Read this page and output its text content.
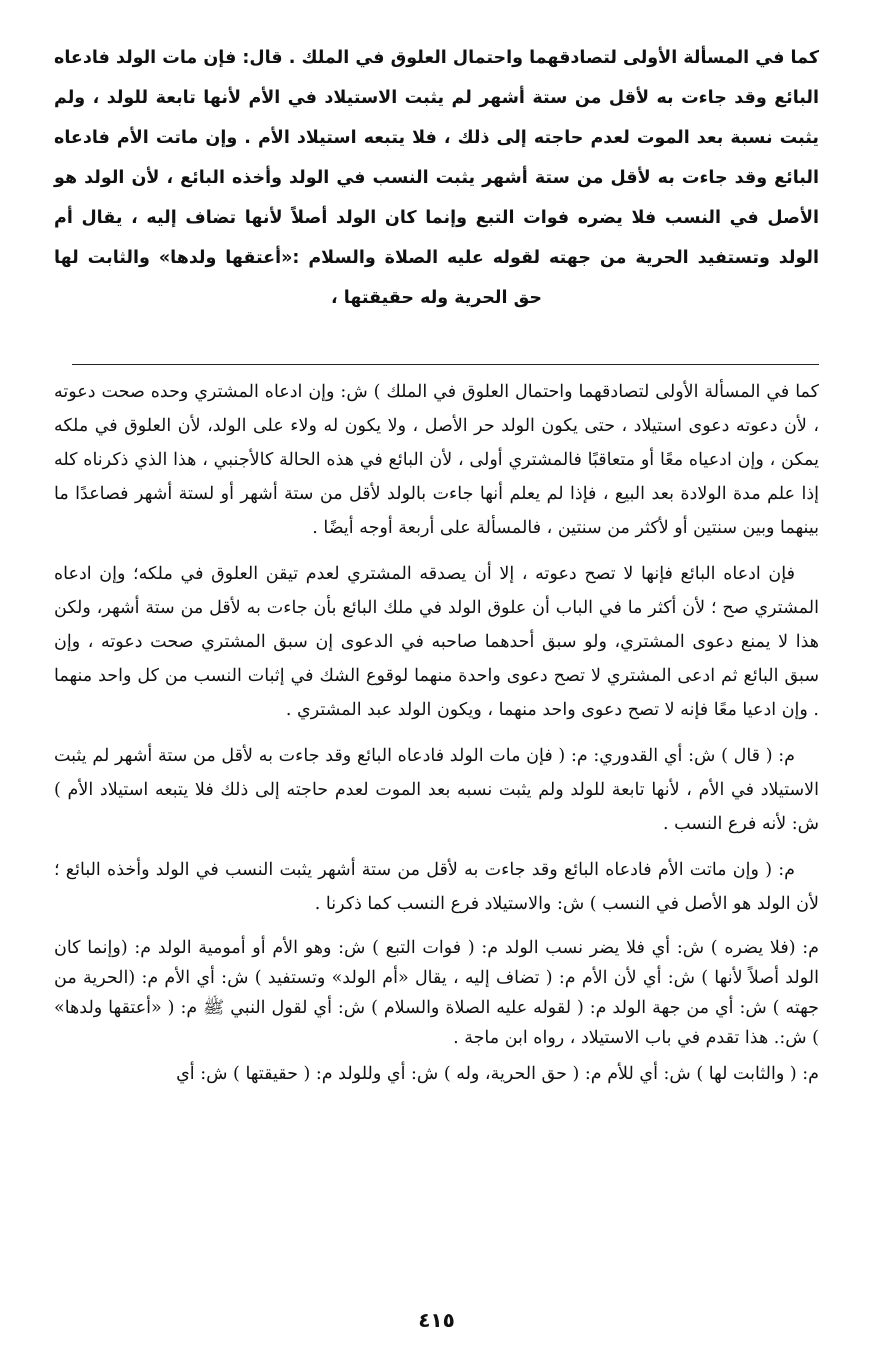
كما في المسألة الأولى لتصادقهما واحتمال العلوق في الملك . قال: فإن مات الولد فادعاه البائع وقد جاءت به لأقل من ستة أشهر لم يثبت الاستيلاد في الأم لأنها تابعة للولد ، ولم يثبت نسبة بعد الموت لعدم حاجته إلى ذلك ، فلا يتبعه استيلاد الأم . وإن ماتت الأم فادعاه البائع وقد جاءت به لأقل من ستة أشهر يثبت النسب في الولد وأخذه البائع ، لأن الولد هو الأصل في النسب فلا يضره فوات التبع وإنما كان الولد أصلاً لأنها تضاف إليه ، يقال أم الولد وتستفيد الحرية من جهته لقوله عليه الصلاة والسلام :«أعتقها ولدها» والثابت لها حق الحرية وله حقيقتها ،

كما في المسألة الأولى لتصادقهما واحتمال العلوق في الملك ) ش: وإن ادعاه المشتري وحده صحت دعوته ، لأن دعوته دعوى استيلاد ، حتى يكون الولد حر الأصل ، ولا يكون له ولاء على الولد، لأن العلوق في ملكه يمكن ، وإن ادعياه معًا أو متعاقبًا فالمشتري أولى ، لأن البائع في هذه الحالة كالأجنبي ، هذا الذي ذكرناه كله إذا علم مدة الولادة بعد البيع ، فإذا لم يعلم أنها جاءت بالولد لأقل من ستة أشهر أو لستة أشهر فصاعدًا ما بينهما وبين سنتين أو لأكثر من سنتين ، فالمسألة على أربعة أوجه أيضًا .

فإن ادعاه البائع فإنها لا تصح دعوته ، إلا أن يصدقه المشتري لعدم تيقن العلوق في ملكه؛ وإن ادعاه المشتري صح ؛ لأن أكثر ما في الباب أن علوق الولد في ملك البائع بأن جاءت به لأقل من ستة أشهر، ولكن هذا لا يمنع دعوى المشتري، ولو سبق أحدهما صاحبه في الدعوى إن سبق المشتري صحت دعوته ، وإن سبق البائع ثم ادعى المشتري لا تصح دعوى واحدة منهما لوقوع الشك في إثبات النسب من كل واحد منهما . وإن ادعيا معًا فإنه لا تصح دعوى واحد منهما ، ويكون الولد عبد المشتري .

م: ( قال ) ش: أي القدوري: م: ( فإن مات الولد فادعاه البائع وقد جاءت به لأقل من ستة أشهر لم يثبت الاستيلاد في الأم ، لأنها تابعة للولد ولم يثبت نسبه بعد الموت لعدم حاجته إلى ذلك فلا يتبعه استيلاد الأم ) ش: لأنه فرع النسب .

م: ( وإن ماتت الأم فادعاه البائع وقد جاءت به لأقل من ستة أشهر يثبت النسب في الولد وأخذه البائع ؛ لأن الولد هو الأصل في النسب ) ش: والاستيلاد فرع النسب كما ذكرنا .

م: (فلا يضره ) ش: أي فلا يضر نسب الولد م: ( فوات التبع ) ش: وهو الأم أو أمومية الولد م: (وإنما كان الولد أصلاً لأنها ) ش: أي لأن الأم م: ( تضاف إليه ، يقال «أم الولد» وتستفيد ) ش: أي الأم م: (الحرية من جهته ) ش: أي من جهة الولد م: ( لقوله عليه الصلاة والسلام ) ش: أي لقول النبي ﷺ م: ( «أعتقها ولدها» ) ش:. هذا تقدم في باب الاستيلاد ، رواه ابن ماجة .

م: ( والثابت لها ) ش: أي للأم م: ( حق الحرية، وله ) ش: أي وللولد م: ( حقيقتها ) ش: أي

٤١٥
